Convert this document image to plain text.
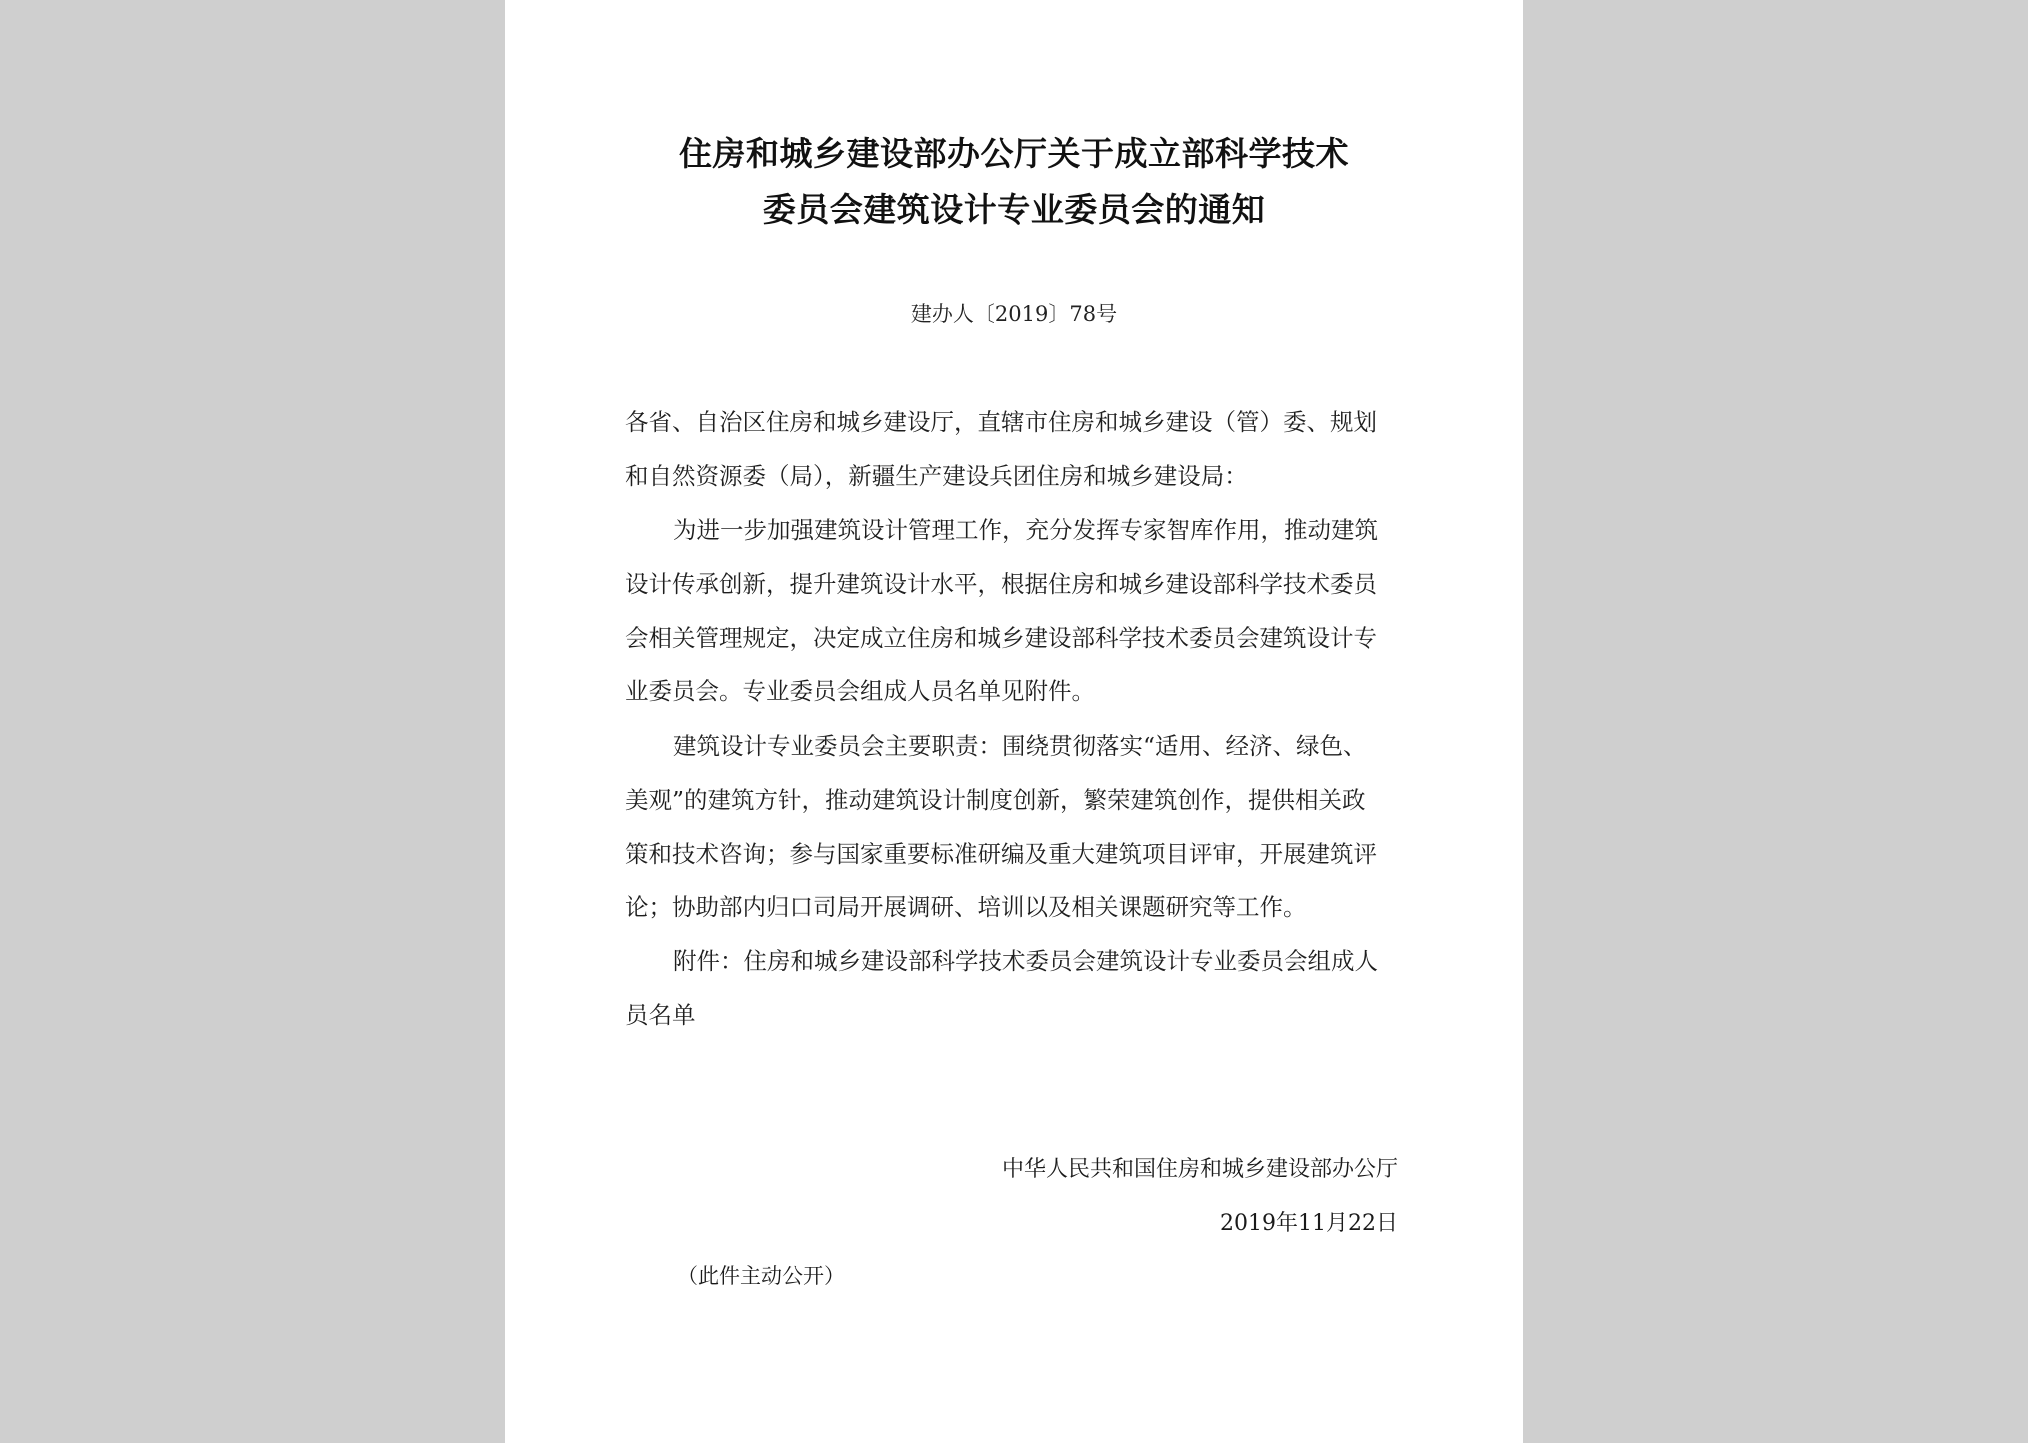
住房和城乡建设部办公厅关于成立部科学技术
委员会建筑设计专业委员会的通知
建办人〔2019〕78号
各省、自治区住房和城乡建设厅，直辖市住房和城乡建设（管）委、规划
和自然资源委（局），新疆生产建设兵团住房和城乡建设局：
为进一步加强建筑设计管理工作，充分发挥专家智库作用，推动建筑
设计传承创新，提升建筑设计水平，根据住房和城乡建设部科学技术委员
会相关管理规定，决定成立住房和城乡建设部科学技术委员会建筑设计专
业委员会。专业委员会组成人员名单见附件。
建筑设计专业委员会主要职责：围绕贯彻落实“适用、经济、绿色、
美观”的建筑方针，推动建筑设计制度创新，繁荣建筑创作，提供相关政
策和技术咨询；参与国家重要标准研编及重大建筑项目评审，开展建筑评
论；协助部内归口司局开展调研、培训以及相关课题研究等工作。
附件：住房和城乡建设部科学技术委员会建筑设计专业委员会组成人
员名单
中华人民共和国住房和城乡建设部办公厅
2019年11月22日
（此件主动公开）
